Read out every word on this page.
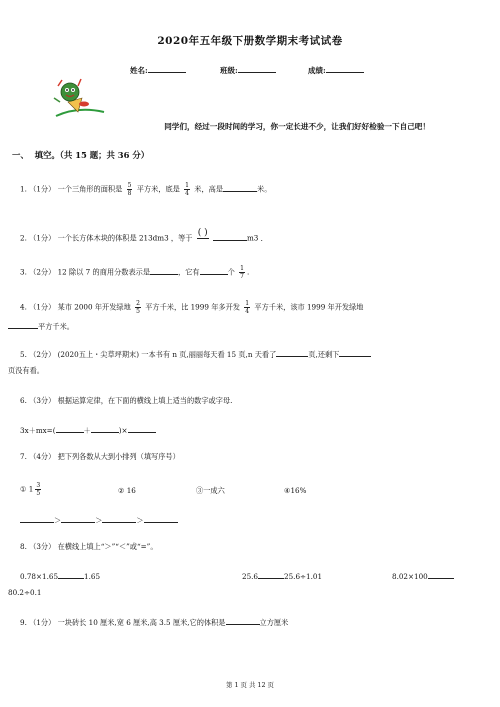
2020年五年级下册数学期末考试试卷
姓名:	班级:	成绩:
同学们，经过一段时间的学习，你一定长进不少，让我们好好检验一下自己吧！
一、 填空。（共 15 题；共 36 分）
1. （1分） 一个三角形的面积是 $\frac{5}{8}$ 平方米，底是 $\frac{1}{4}$ 米，高是	米。
2. （1分） 一个长方体木块的体积是 213dm3 ，等于 ( )
	m3 ．
3. （2分） 12 除以 7 的商用分数表示是	，它有	个 $\frac{1}{7}$ .
4. （1分） 某市 2000 年开发绿地 $\frac{2}{5}$ 平方千米，比 1999 年多开发 $\frac{1}{4}$ 平方千米，该市 1999 年开发绿地
平方千米。
5. （2分） (2020五上・尖草坪期末) 一本书有 n 页,丽丽每天看 15 页,n 天看了	页,还剩下
页没有看。
6. （3分） 根据运算定律，在下面的横线上填上适当的数字或字母.
3x＋mx=(	＋	)×
7. （4分） 把下列各数从大到小排列（填写序号）
① $1 \frac{3}{5}$	② 16	③一成六	④16%
＞	＞	＞
8. （3分） 在横线上填上“＞”“＜”或“=”。
0.78×1.65	1.65	25.6	25.6÷1.01	8.02×100
80.2÷0.1
9. （1分） 一块砖长 10 厘米,宽 6 厘米,高 3.5 厘米,它的体积是	立方厘米
第 1 页 共 12 页
